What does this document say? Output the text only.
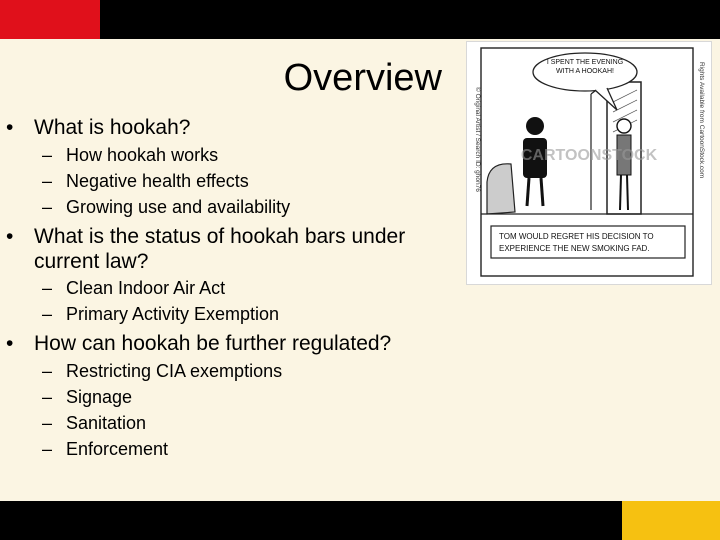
Overview
• What is hookah?
– How hookah works
– Negative health effects
– Growing use and availability
• What is the status of hookah bars under
current law?
– Clean Indoor Air Act
– Primary Activity Exemption
• How can hookah be further regulated?
– Restricting CIA exemptions
– Signage
– Sanitation
– Enforcement
© Original Artist / Search ID: ghon76	Rights Available from CartoonStock.com
I SPENT THE EVENING WITH A HOOKAH!
CARTOONSTOCK
TOM WOULD REGRET HIS DECISION TO
EXPERIENCE THE NEW SMOKING FAD.
